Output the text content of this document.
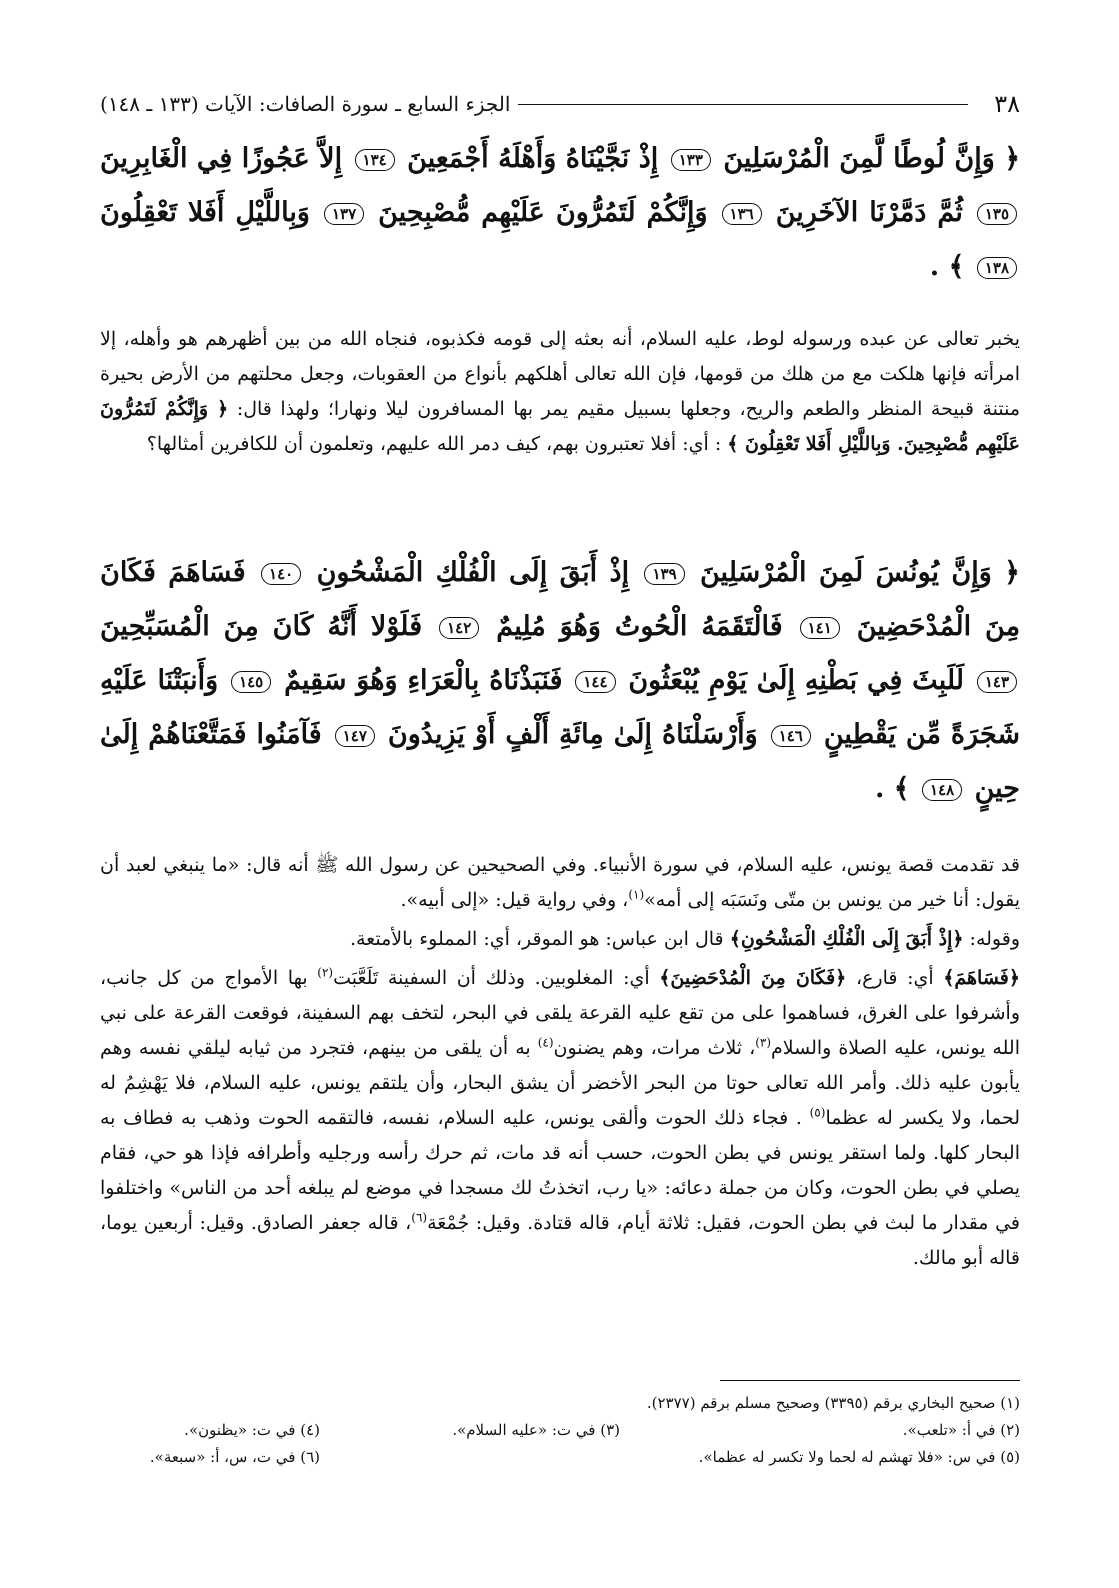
٣٨
الجزء السابع ـ سورة الصافات: الآيات (١٣٣ ـ ١٤٨)
﴿ وَإِنَّ لُوطًا لَّمِنَ الْمُرْسَلِينَ ١٣٣ إِذْ نَجَّيْنَاهُ وَأَهْلَهُ أَجْمَعِينَ ١٣٤ إِلاَّ عَجُوزًا فِي الْغَابِرِينَ ١٣٥ ثُمَّ دَمَّرْنَا الآخَرِينَ ١٣٦ وَإِنَّكُمْ لَتَمُرُّونَ عَلَيْهِم مُّصْبِحِينَ ١٣٧ وَبِاللَّيْلِ أَفَلا تَعْقِلُونَ ١٣٨ ﴾ .
يخبر تعالى عن عبده ورسوله لوط، عليه السلام، أنه بعثه إلى قومه فكذبوه، فنجاه الله من بين أظهرهم هو وأهله، إلا امرأته فإنها هلكت مع من هلك من قومها، فإن الله تعالى أهلكهم بأنواع من العقوبات، وجعل محلتهم من الأرض بحيرة منتنة قبيحة المنظر والطعم والريح، وجعلها بسبيل مقيم يمر بها المسافرون ليلا ونهارا؛ ولهذا قال: ﴿ وَإِنَّكُمْ لَتَمُرُّونَ عَلَيْهِم مُّصْبِحِينَ. وَبِاللَّيْلِ أَفَلا تَعْقِلُونَ ﴾ : أي: أفلا تعتبرون بهم، كيف دمر الله عليهم، وتعلمون أن للكافرين أمثالها؟
﴿ وَإِنَّ يُونُسَ لَمِنَ الْمُرْسَلِينَ ١٣٩ إِذْ أَبَقَ إِلَى الْفُلْكِ الْمَشْحُونِ ١٤٠ فَسَاهَمَ فَكَانَ مِنَ الْمُدْحَضِينَ ١٤١ فَالْتَقَمَهُ الْحُوتُ وَهُوَ مُلِيمٌ ١٤٢ فَلَوْلا أَنَّهُ كَانَ مِنَ الْمُسَبِّحِينَ ١٤٣ لَلَبِثَ فِي بَطْنِهِ إِلَىٰ يَوْمِ يُبْعَثُونَ ١٤٤ فَنَبَذْنَاهُ بِالْعَرَاءِ وَهُوَ سَقِيمٌ ١٤٥ وَأَنبَتْنَا عَلَيْهِ شَجَرَةً مِّن يَقْطِينٍ ١٤٦ وَأَرْسَلْنَاهُ إِلَىٰ مِائَةِ أَلْفٍ أَوْ يَزِيدُونَ ١٤٧ فَآمَنُوا فَمَتَّعْنَاهُمْ إِلَىٰ حِينٍ ١٤٨ ﴾ .
قد تقدمت قصة يونس، عليه السلام، في سورة الأنبياء. وفي الصحيحين عن رسول الله ﷺ أنه قال: «ما ينبغي لعبد أن يقول: أنا خير من يونس بن متّى ونَسَبَه إلى أمه»$^{(١)}$، وفي رواية قيل: «إلى أبيه».
وقوله: ﴿إِذْ أَبَقَ إِلَى الْفُلْكِ الْمَشْحُونِ﴾ قال ابن عباس: هو الموقر، أي: المملوء بالأمتعة.
﴿فَسَاهَمَ﴾ أي: قارع، ﴿فَكَانَ مِنَ الْمُدْحَضِينَ﴾ أي: المغلوبين. وذلك أن السفينة تَلَعَّبَت$^{(٢)}$ بها الأمواج من كل جانب، وأشرفوا على الغرق، فساهموا على من تقع عليه القرعة يلقى في البحر، لتخف بهم السفينة، فوقعت القرعة على نبي الله يونس، عليه الصلاة والسلام$^{(٣)}$، ثلاث مرات، وهم يضنون$^{(٤)}$ به أن يلقى من بينهم، فتجرد من ثيابه ليلقي نفسه وهم يأبون عليه ذلك. وأمر الله تعالى حوتا من البحر الأخضر أن يشق البحار، وأن يلتقم يونس، عليه السلام، فلا يَهْشِمُ له لحما، ولا يكسر له عظما$^{(٥)}$ . فجاء ذلك الحوت وألقى يونس، عليه السلام، نفسه، فالتقمه الحوت وذهب به فطاف به البحار كلها. ولما استقر يونس في بطن الحوت، حسب أنه قد مات، ثم حرك رأسه ورجليه وأطرافه فإذا هو حي، فقام يصلي في بطن الحوت، وكان من جملة دعائه: «يا رب، اتخذتُ لك مسجدا في موضع لم يبلغه أحد من الناس» واختلفوا في مقدار ما لبث في بطن الحوت، فقيل: ثلاثة أيام، قاله قتادة. وقيل: جُمْعَة$^{(٦)}$، قاله جعفر الصادق. وقيل: أربعين يوما، قاله أبو مالك.
(١) صحيح البخاري برقم (٣٣٩٥) وصحيح مسلم برقم (٢٣٧٧).
(٢) في أ: «تلعب».
(٣) في ت: «عليه السلام».
(٤) في ت: «يظنون».
(٥) في س: «فلا تهشم له لحما ولا تكسر له عظما».
(٦) في ت، س، أ: «سبعة».
